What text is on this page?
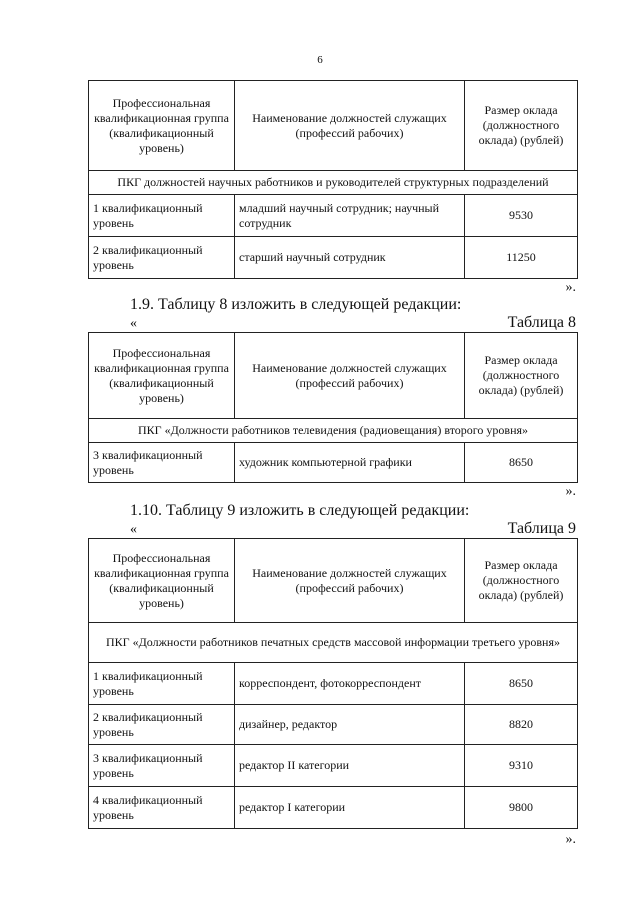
6
Профессиональная квалификационная группа (квалификационный уровень)	Наименование должностей служащих (профессий рабочих)	Размер оклада (должностного оклада) (рублей)
ПКГ должностей научных работников и руководителей структурных подразделений		
1 квалификационный уровень	младший научный сотрудник; научный сотрудник	9530
2 квалификационный уровень	старший научный сотрудник	11250
».
1.9. Таблицу 8 изложить в следующей редакции:
«	Таблица 8
Профессиональная квалификационная группа (квалификационный уровень)	Наименование должностей служащих (профессий рабочих)	Размер оклада (должностного оклада) (рублей)
ПКГ «Должности работников телевидения (радиовещания) второго уровня»		
3 квалификационный уровень	художник компьютерной графики	8650
».
1.10. Таблицу 9 изложить в следующей редакции:
«	Таблица 9
Профессиональная квалификационная группа (квалификационный уровень)	Наименование должностей служащих (профессий рабочих)	Размер оклада (должностного оклада) (рублей)
ПКГ «Должности работников печатных средств массовой информации третьего уровня»		
1 квалификационный уровень	корреспондент, фотокорреспондент	8650
2 квалификационный уровень	дизайнер, редактор	8820
3 квалификационный уровень	редактор II категории	9310
4 квалификационный уровень	редактор I категории	9800
».
